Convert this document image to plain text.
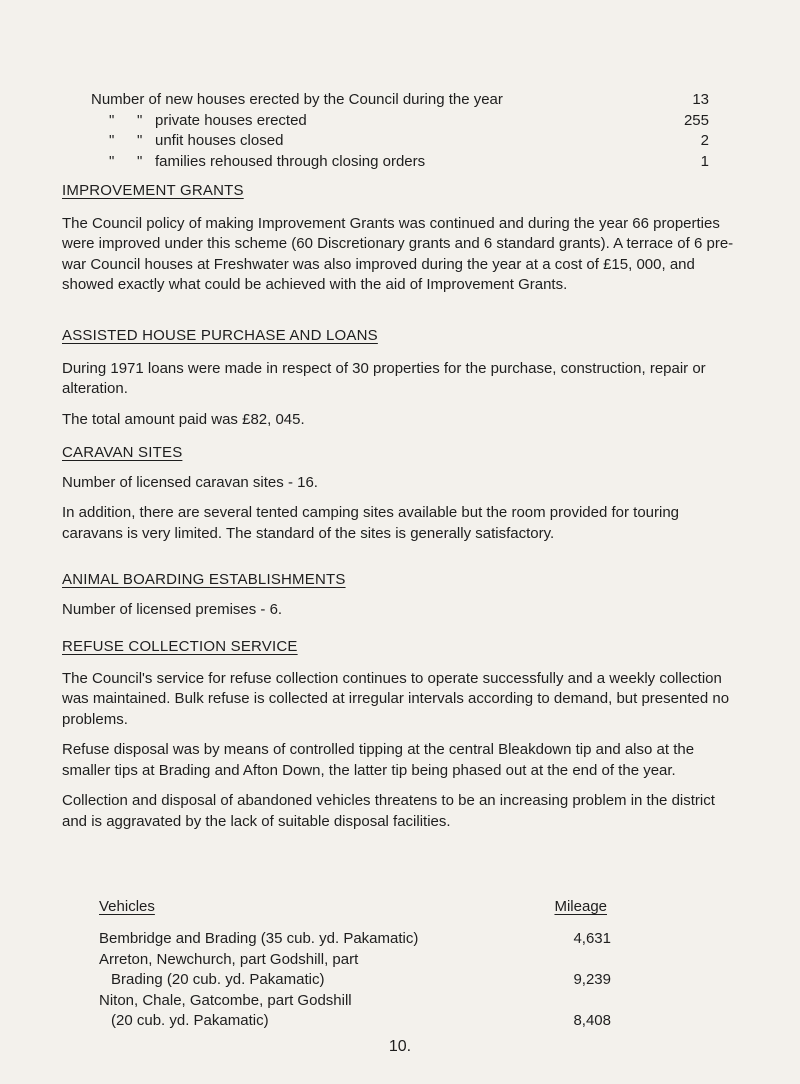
Number of new houses erected by the Council during the year	13
"	" private houses erected	255
"	" unfit houses closed	2
"	" families rehoused through closing orders	1
IMPROVEMENT GRANTS

The Council policy of making Improvement Grants was continued and during the year 66 properties were improved under this scheme (60 Discretionary grants and 6 standard grants). A terrace of 6 pre-war Council houses at Freshwater was also improved during the year at a cost of £15, 000, and showed exactly what could be achieved with the aid of Improvement Grants.

ASSISTED HOUSE PURCHASE AND LOANS

During 1971 loans were made in respect of 30 properties for the purchase, construction, repair or alteration.

The total amount paid was £82, 045.

CARAVAN SITES

Number of licensed caravan sites - 16.

In addition, there are several tented camping sites available but the room provided for touring caravans is very limited. The standard of the sites is generally satisfactory.

ANIMAL BOARDING ESTABLISHMENTS

Number of licensed premises - 6.

REFUSE COLLECTION SERVICE

The Council's service for refuse collection continues to operate successfully and a weekly collection was maintained. Bulk refuse is collected at irregular intervals according to demand, but presented no problems.

Refuse disposal was by means of controlled tipping at the central Bleakdown tip and also at the smaller tips at Brading and Afton Down, the latter tip being phased out at the end of the year.

Collection and disposal of abandoned vehicles threatens to be an increasing problem in the district and is aggravated by the lack of suitable disposal facilities.

Vehicles	Mileage
Bembridge and Brading (35 cub. yd. Pakamatic)	4,631
Arreton, Newchurch, part Godshill, part
Brading (20 cub. yd. Pakamatic)	9,239
Niton, Chale, Gatcombe, part Godshill
(20 cub. yd. Pakamatic)	8,408
10.
